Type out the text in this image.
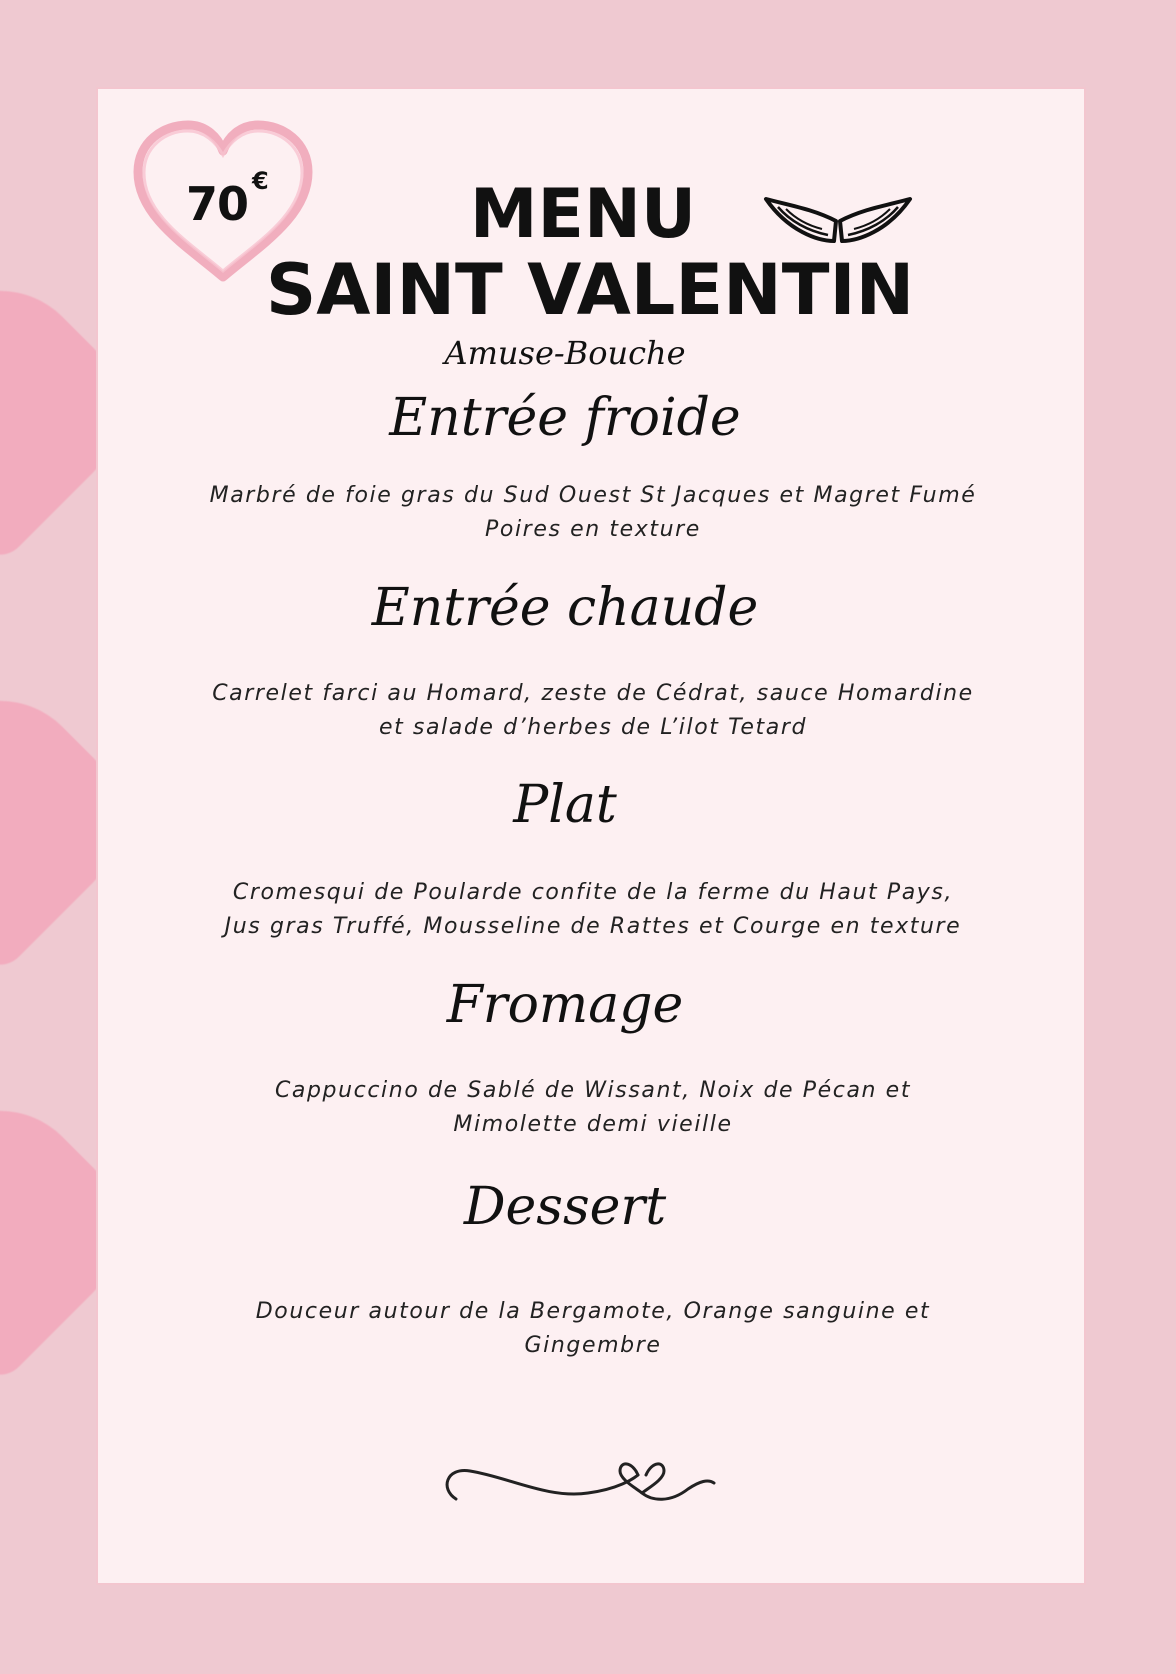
70 €	MENU
SAINT VALENTIN
Amuse-Bouche
Entrée froide
Marbré de foie gras du Sud Ouest St Jacques et Magret Fumé
Poires en texture
Entrée chaude
Carrelet farci au Homard, zeste de Cédrat, sauce Homardine
et salade d’herbes de L’ilot Tetard
Plat
Cromesqui de Poularde confite de la ferme du Haut Pays,
Jus gras Truffé, Mousseline de Rattes et Courge en texture
Fromage
Cappuccino de Sablé de Wissant, Noix de Pécan et
Mimolette demi vieille
Dessert
Douceur autour de la Bergamote, Orange sanguine et
Gingembre
